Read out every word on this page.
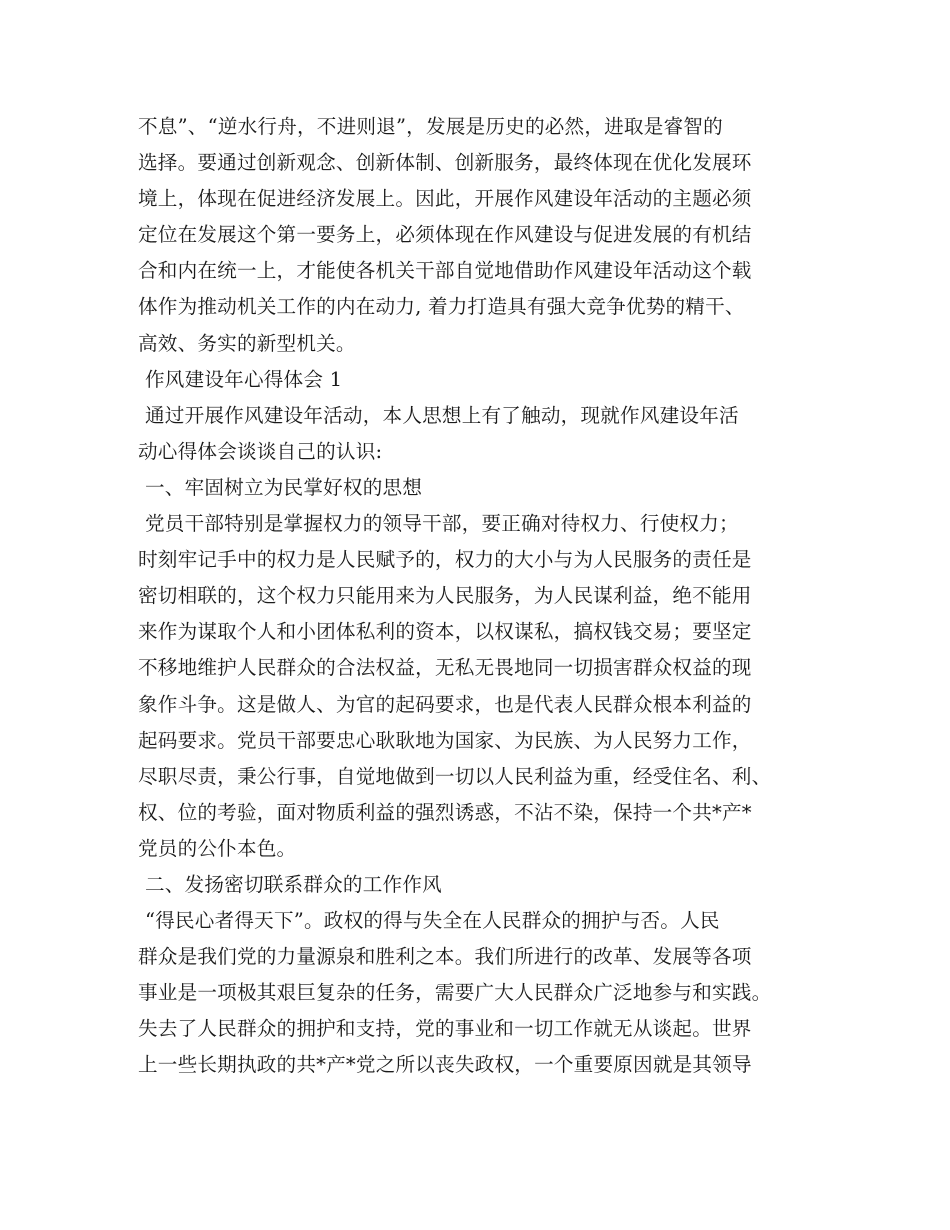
不息”、“逆水行舟，不进则退”，发展是历史的必然，进取是睿智的
选择。要通过创新观念、创新体制、创新服务，最终体现在优化发展环
境上，体现在促进经济发展上。因此，开展作风建设年活动的主题必须
定位在发展这个第一要务上，必须体现在作风建设与促进发展的有机结
合和内在统一上，才能使各机关干部自觉地借助作风建设年活动这个载
体作为推动机关工作的内在动力, 着力打造具有强大竞争优势的精干、
高效、务实的新型机关。
作风建设年心得体会 1
通过开展作风建设年活动，本人思想上有了触动，现就作风建设年活
动心得体会谈谈自己的认识:
一、牢固树立为民掌好权的思想
党员干部特别是掌握权力的领导干部，要正确对待权力、行使权力；
时刻牢记手中的权力是人民赋予的，权力的大小与为人民服务的责任是
密切相联的，这个权力只能用来为人民服务，为人民谋利益，绝不能用
来作为谋取个人和小团体私利的资本，以权谋私，搞权钱交易；要坚定
不移地维护人民群众的合法权益，无私无畏地同一切损害群众权益的现
象作斗争。这是做人、为官的起码要求，也是代表人民群众根本利益的
起码要求。党员干部要忠心耿耿地为国家、为民族、为人民努力工作，
尽职尽责，秉公行事，自觉地做到一切以人民利益为重，经受住名、利、
权、位的考验，面对物质利益的强烈诱惑，不沾不染，保持一个共*产*
党员的公仆本色。
二、发扬密切联系群众的工作作风
“得民心者得天下”。政权的得与失全在人民群众的拥护与否。人民
群众是我们党的力量源泉和胜利之本。我们所进行的改革、发展等各项
事业是一项极其艰巨复杂的任务，需要广大人民群众广泛地参与和实践。
失去了人民群众的拥护和支持，党的事业和一切工作就无从谈起。世界
上一些长期执政的共*产*党之所以丧失政权，一个重要原因就是其领导
